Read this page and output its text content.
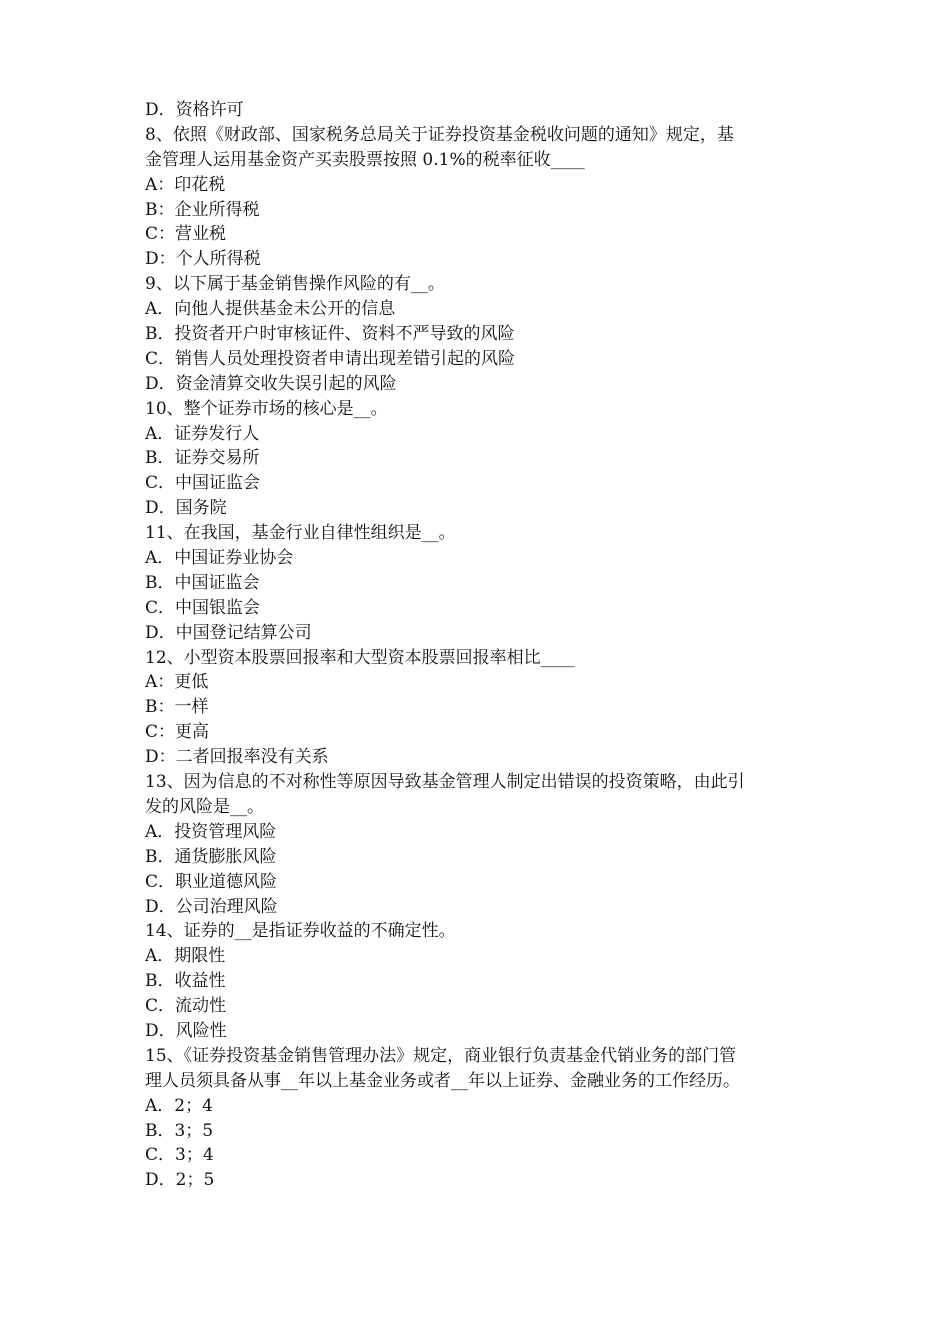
D．资格许可
8、依照《财政部、国家税务总局关于证券投资基金税收问题的通知》规定，基
金管理人运用基金资产买卖股票按照 0.1%的税率征收____
A：印花税
B：企业所得税
C：营业税
D：个人所得税
9、以下属于基金销售操作风险的有__。
A．向他人提供基金未公开的信息
B．投资者开户时审核证件、资料不严导致的风险
C．销售人员处理投资者申请出现差错引起的风险
D．资金清算交收失误引起的风险
10、整个证券市场的核心是__。
A．证券发行人
B．证券交易所
C．中国证监会
D．国务院
11、在我国，基金行业自律性组织是__。
A．中国证券业协会
B．中国证监会
C．中国银监会
D．中国登记结算公司
12、小型资本股票回报率和大型资本股票回报率相比____
A：更低
B：一样
C：更高
D：二者回报率没有关系
13、因为信息的不对称性等原因导致基金管理人制定出错误的投资策略，由此引
发的风险是__。
A．投资管理风险
B．通货膨胀风险
C．职业道德风险
D．公司治理风险
14、证券的__是指证券收益的不确定性。
A．期限性
B．收益性
C．流动性
D．风险性
15、《证券投资基金销售管理办法》规定，商业银行负责基金代销业务的部门管
理人员须具备从事__年以上基金业务或者__年以上证券、金融业务的工作经历。
A．2；4
B．3；5
C．3；4
D．2；5
